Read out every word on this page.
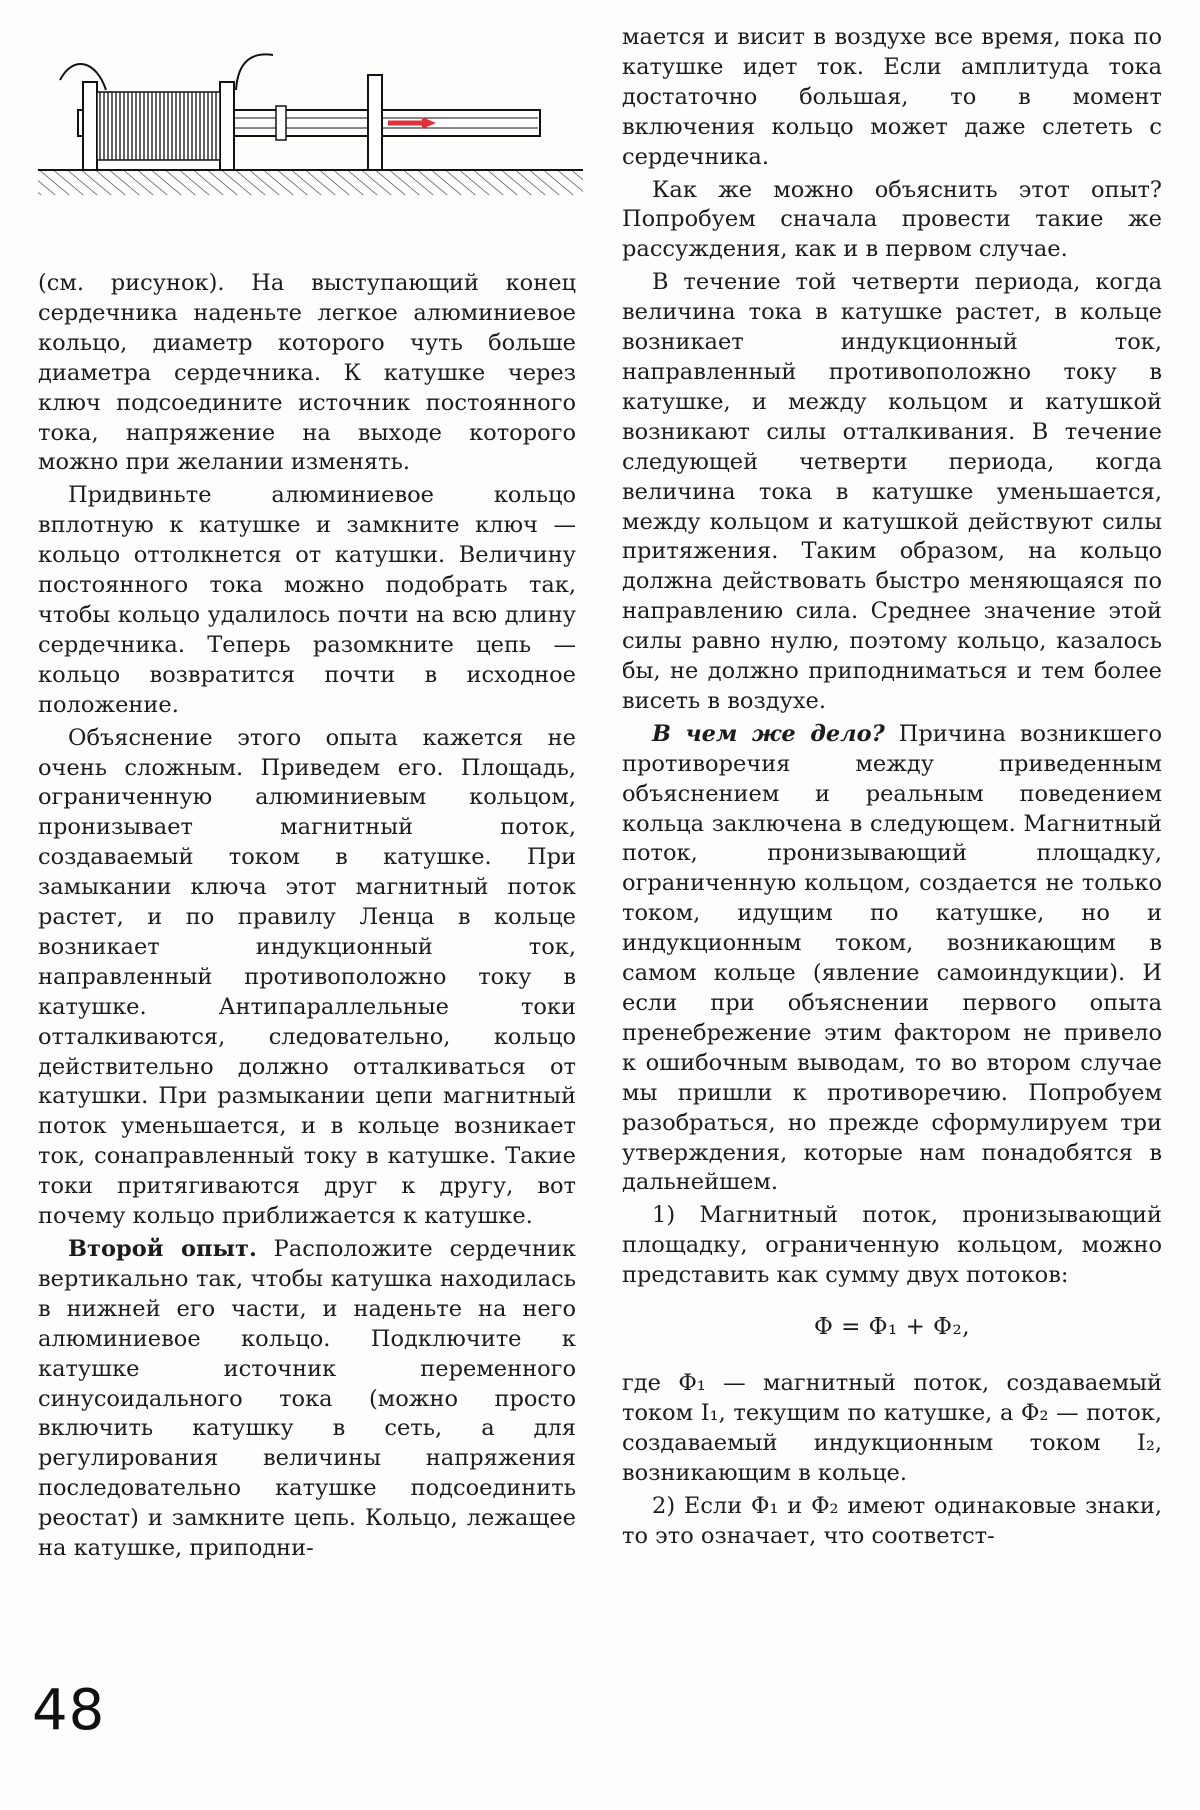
(см. рисунок). На выступающий конец сердечника наденьте легкое алюминиевое кольцо, диаметр которого чуть больше диаметра сердечника. К катушке через ключ подсоедините источник постоянного тока, напряжение на выходе которого можно при желании изменять.

Придвиньте алюминиевое кольцо вплотную к катушке и замкните ключ — кольцо оттолкнется от катушки. Величину постоянного тока можно подобрать так, чтобы кольцо удалилось почти на всю длину сердечника. Теперь разомкните цепь — кольцо возвратится почти в исходное положение.

Объяснение этого опыта кажется не очень сложным. Приведем его. Площадь, ограниченную алюминиевым кольцом, пронизывает магнитный поток, создаваемый током в катушке. При замыкании ключа этот магнитный поток растет, и по правилу Ленца в кольце возникает индукционный ток, направленный противоположно току в катушке. Антипараллельные токи отталкиваются, следовательно, кольцо действительно должно отталкиваться от катушки. При размыкании цепи магнитный поток уменьшается, и в кольце возникает ток, сонаправленный току в катушке. Такие токи притягиваются друг к другу, вот почему кольцо приближается к катушке.

Второй опыт. Расположите сердечник вертикально так, чтобы катушка находилась в нижней его части, и наденьте на него алюминиевое кольцо. Подключите к катушке источник переменного синусоидального тока (можно просто включить катушку в сеть, а для регулирования величины напряжения последовательно катушке подсоединить реостат) и замкните цепь. Кольцо, лежащее на катушке, приподни-

мается и висит в воздухе все время, пока по катушке идет ток. Если амплитуда тока достаточно большая, то в момент включения кольцо может даже слететь с сердечника.

Как же можно объяснить этот опыт? Попробуем сначала провести такие же рассуждения, как и в первом случае.

В течение той четверти периода, когда величина тока в катушке растет, в кольце возникает индукционный ток, направленный противоположно току в катушке, и между кольцом и катушкой возникают силы отталкивания. В течение следующей четверти периода, когда величина тока в катушке уменьшается, между кольцом и катушкой действуют силы притяжения. Таким образом, на кольцо должна действовать быстро меняющаяся по направлению сила. Среднее значение этой силы равно нулю, поэтому кольцо, казалось бы, не должно приподниматься и тем более висеть в воздухе.

В чем же дело? Причина возникшего противоречия между приведенным объяснением и реальным поведением кольца заключена в следующем. Магнитный поток, пронизывающий площадку, ограниченную кольцом, создается не только током, идущим по катушке, но и индукционным током, возникающим в самом кольце (явление самоиндукции). И если при объяснении первого опыта пренебрежение этим фактором не привело к ошибочным выводам, то во втором случае мы пришли к противоречию. Попробуем разобраться, но прежде сформулируем три утверждения, которые нам понадобятся в дальнейшем.

1) Магнитный поток, пронизывающий площадку, ограниченную кольцом, можно представить как сумму двух потоков:

Φ = Φ₁ + Φ₂,

где Φ₁ — магнитный поток, создаваемый током I₁, текущим по катушке, а Φ₂ — поток, создаваемый индукционным током I₂, возникающим в кольце.

2) Если Φ₁ и Φ₂ имеют одинаковые знаки, то это означает, что соответст-

48
